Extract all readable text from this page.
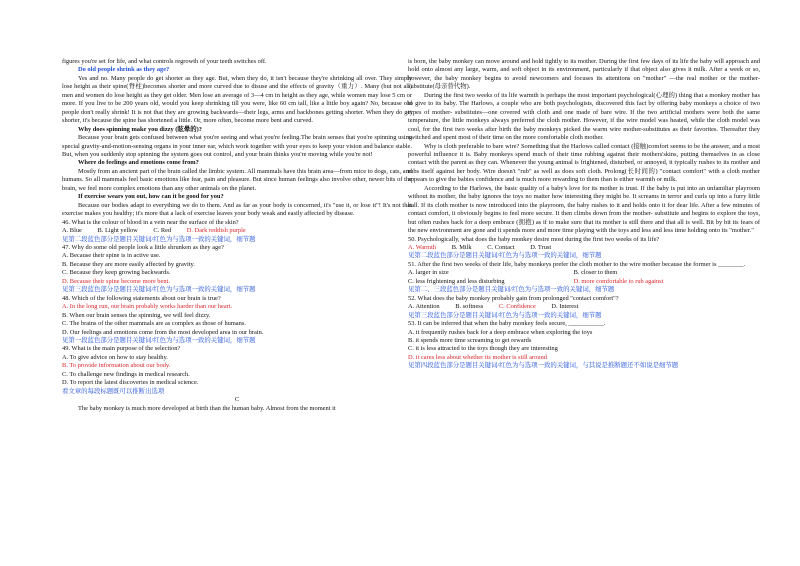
figures you're set for life, and what controls regrowth of your teeth switches off.

Do old people shrink as they age?

Yes and no. Many people do get shorter as they age. But, when they do, it isn't because they're shrinking all over. They simply lose height as their spine(脊柱)becomes shorter and more curved due to disuse and the effects of gravity（重力）. Many (but not all) men and women do lose height as they get older. Men lose an average of 3—4 cm in height as they age, while women may lose 5 cm or more. If you live to be 200 years old, would you keep shrinking till you were, like 60 cm tall, like a little boy again? No, because old people don't really shrink! It is not that they are growing backwards—their legs, arms and backbones getting shorter. When they do get shorter, it's because the spine has shortened a little. Or, more often, become more bent and curved.

Why does spinning make you dizzy (眩晕的)?

Because your brain gets confused between what you're seeing and what you're feeling.The brain senses that you're spinning using special gravity-and-motion-sensing organs in your inner ear, which work together with your eyes to keep your vision and balance stable. But, when you suddenly stop spinning the system goes out control, and your brain thinks you're moving while you're not!

Where do feelings and emotions come from?

Mostly from an ancient part of the brain called the limbic system. All mammals have this brain area—from mice to dogs, cats, and humans. So all mammals feel basic emotions like fear, pain and pleasure. But since human feelings also involve other, newer bits of the brain, we feel more complex emotions than any other animals on the planet.

If exercise wears you out, how can it be good for you?

Because our bodies adapt to everything we do to them. And as far as your body is concerned, it's "use it, or lose it"! It's not that exercise makes you healthy; it's more that a lack of exercise leaves your body weak and easily affected by disease.

46. What is the colour of blood in a vein near the surface of the skin?

A. Blue B. Light yellow C. Red D. Dark reddish purple

见第二段蓝色部分是题目关键词/红色为与选项一致的关键词，细节题

47. Why do some old people look a little shrunken as they age?

A. Because their spine is in active use.

B. Because they are more easily affected by gravity.

C. Because they keep growing backwards.

D. Because their spine become more bent.

见第三段蓝色部分是题目关键词/红色为与选项一致的关键词，细节题

48. Which of the following statements about our brain is true?

A. In the long run, our brain probably works harder than our heart.

B. When our brain senses the spinning, we will feel dizzy.

C. The brains of the other mammals are as complex as those of humans.

D. Our feelings and emotions come from the most developed area in our brain.

见第一段蓝色部分是题目关键词/红色为与选项一致的关键词，细节题

49. What is the main purpose of the selection?

A. To give advice on how to stay healthy.

B. To provide information about our body.

C. To challenge new findings in medical research.

D. To report the latest discoveries in medical science.

看文章的每段标题既可以推断出选项

C

The baby monkey is much more developed at birth than the human baby. Almost from the moment it

is born, the baby monkey can move around and hold tightly to its mother. During the first few days of its life the baby will approach and hold onto almost any large, warm, and soft object in its environment, particularly if that object also gives it milk. After a week or so, however, the baby monkey begins to avoid newcomers and focuses its attentions on "mother" —the real mother or the mother-substitute(母亲替代物).

During the first two weeks of its life warmth is perhaps the most important psychological(心理的) thing that a monkey mother has to give to its baby. The Harlows, a couple who are both psychologists, discovered this fact by offering baby monkeys a choice of two types of mother- substitutes—one covered with cloth and one made of bare wire. If the two artificial mothers were both the same temperature, the little monkeys always preferred the cloth mother. However, if the wire model was heated, while the cloth model was cool, for the first two weeks after birth the baby monkeys picked the warm wire mother-substitutes as their favorites. Thereafter they switched and spent most of their time on the more comfortable cloth mother.

Why is cloth preferable to bare wire? Something that the Harlows called contact (接触)comfort seems to be the answer, and a most powerful influence it is. Baby monkeys spend much of their time rubbing against their mothers'skins, putting themselves in as close contact with the parent as they can. Whenever the young animal is frightened, disturbed, or annoyed, it typically rushes to its mother and rubs itself against her body. Wire doesn't "rub" as well as does soft cloth. Prolong(长时间的) "contact comfort" with a cloth mother appears to give the babies confidence and is much more rewarding to them than is either warmth or milk.

According to the Harlows, the basic quality of a baby's love for its mother is trust. If the baby is put into an unfamiliar playroom without its mother, the baby ignores the toys no matter how interesting they might be. It screams in terror and curls up into a furry little ball. If its cloth mother is now introduced into the playroom, the baby rushes to it and holds onto it for dear life. After a few minutes of contact comfort, it obviously begins to feel more secure. It then climbs down from the mother- substitute and begins to explore the toys, but often rushes back for a deep embrace (拥抱) as if to make sure that its mother is still there and that all is well. Bit by bit its fears of the new environment are gone and it spends more and more time playing with the toys and less and less time holding onto its "mother."

50. Psychologically, what does the baby monkey desire most during the first two weeks of its life?

A. Warmth B. Milk C. Contact D. Trust

见第二段蓝色部分是题目关键词/红色为与选项一致的关键词，细节题

51. After the first two weeks of their life, baby monkeys prefer the cloth mother to the wire mother because the former is ________.

A. larger in size	B. closer to them

C. less frightening and less disturbing	D. more comfortable to rub against

见第二、三段蓝色部分是题目关键词/红色为与选项一致的关键词，细节题

52. What does the baby monkey probably gain from prolonged "contact comfort"?

A. Attention B. softness C. Confidence D. Interest

见第三段蓝色部分是题目关键词/红色为与选项一致的关键词，细节题

53. It can be inferred that when the baby monkey feels secure, ___________.

A. it frequently rushes back for a deep embrace when exploring the toys

B. it spends more time screaming to get rewards

C. it is less attracted to the toys though they are interesting

D. it cares less about whether its mother is still around

见第四段蓝色部分是题目关键词/红色为与选项一致的关键词，与其说是推断题还不如说是细节题
